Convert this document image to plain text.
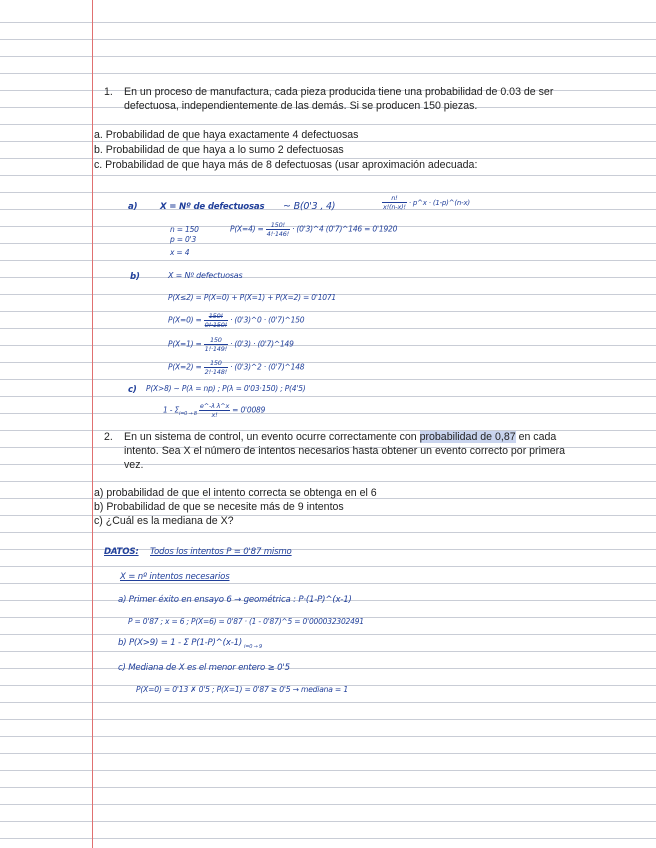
1. En un proceso de manufactura, cada pieza producida tiene una probabilidad de 0.03 de ser
defectuosa, independientemente de las demás. Si se producen 150 piezas.
a. Probabilidad de que haya exactamente 4 defectuosas
b. Probabilidad de que haya a lo sumo 2 defectuosas
c. Probabilidad de que haya más de 8 defectuosas (usar aproximación adecuada:
a)	X = Nº de defectuosas ~ B(0'3 , 4)	$\frac{n!}{x!(n-x)!}$ · p^x · (1-p)^(n-x)
n = 150
p = 0'3
x = 4
$P(X=4) = \frac{150!}{4!\cdot 146!}$ · (0'3)^4 (0'7)^146 = 0'1920
b)	X = Nº defectuosas
P(X≤2) = P(X=0) + P(X=1) + P(X=2) = 0'1071
$P(X=0) = \frac{150!}{0!\cdot 150!}$ · (0'3)^0 · (0'7)^150
$P(X=1) = \frac{150}{1!\cdot 149!} \cdot (0'3)$ · (0'7)^149
$P(X=2) = \frac{150}{2!\cdot 148!}$ · (0'3)^2 · (0'7)^148
c) P(X>8) ~ P(λ = np) ; P(λ = 0'03·150) ; P(4'5)
$1 - \Sigma_{i=0 \to 8} \frac{\text{e\textasciicircum{}-λ λ\textasciicircum{}x}}{x!} = 0'0089$
2. En un sistema de control, un evento ocurre correctamente con probabilidad de 0,87 en cada
intento. Sea X el número de intentos necesarios hasta obtener un evento correcto por primera
vez.
a) probabilidad de que el intento correcta se obtenga en el 6
b) Probabilidad de que se necesite más de 9 intentos
c) ¿Cuál es la mediana de X?
DATOS: Todos los intentos P = 0'87 mismo
X = nº intentos necesarios
a) Primer éxito en ensayo 6 → geométrica : P·(1-P)^(x-1)
P = 0'87 ; x = 6 ; P(X=6) = 0'87 · (1 - 0'87)^5 = 0'000032302491
b) P(X>9) = 1 - Σ P(1-P)^(x-1) $_{i=0 \to 9}$
c) Mediana de X es el menor entero ≥ 0'5
P(X=0) = 0'13 ✗ 0'5 ; P(X=1) = 0'87 ≥ 0'5 → mediana = 1
